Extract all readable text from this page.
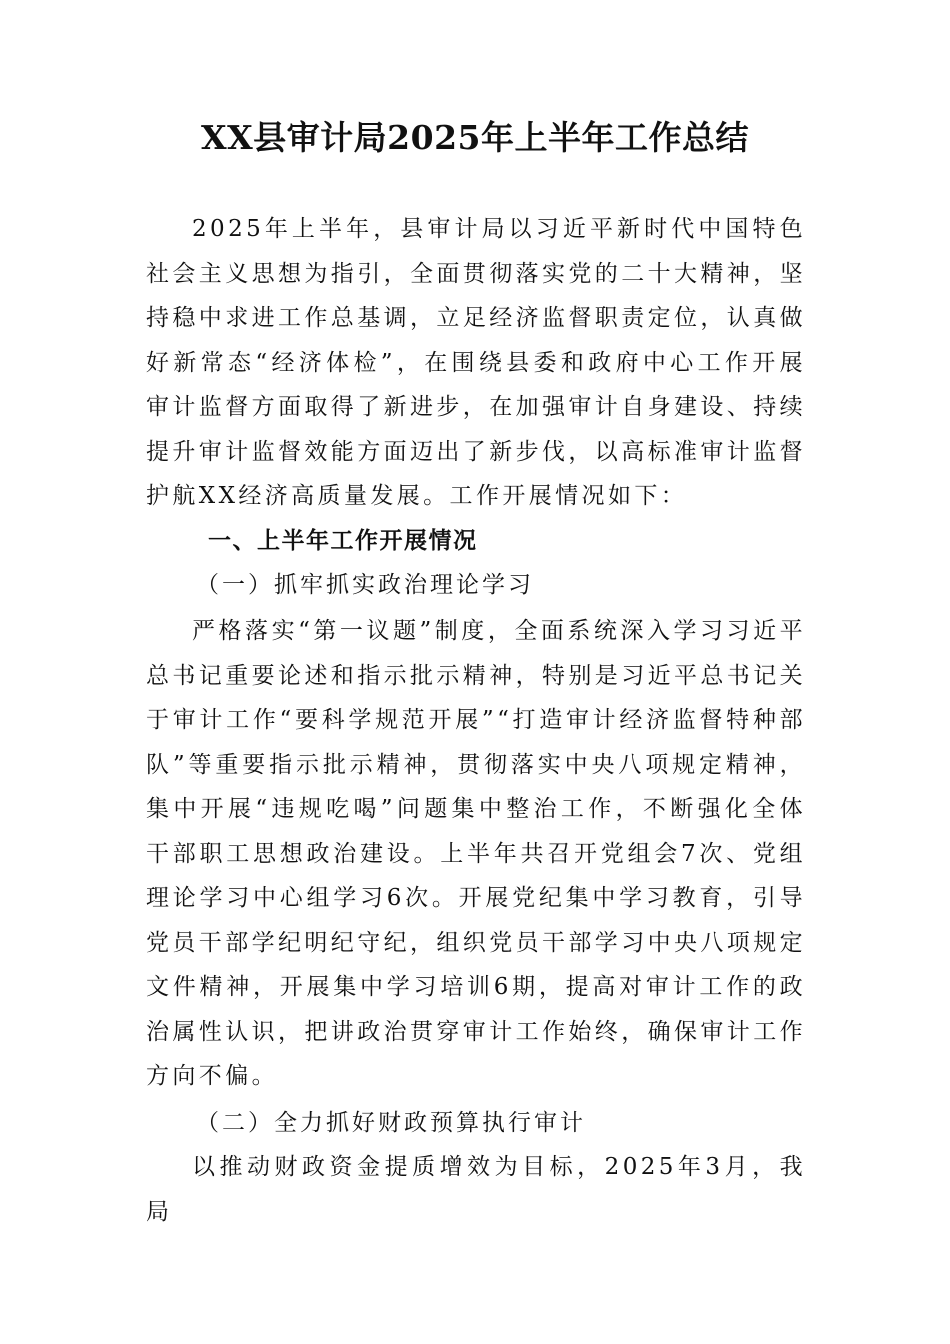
XX县审计局2025年上半年工作总结

2025年上半年，县审计局以习近平新时代中国特色社会主义思想为指引，全面贯彻落实党的二十大精神，坚持稳中求进工作总基调，立足经济监督职责定位，认真做好新常态“经济体检”，在围绕县委和政府中心工作开展审计监督方面取得了新进步，在加强审计自身建设、持续提升审计监督效能方面迈出了新步伐，以高标准审计监督护航XX经济高质量发展。工作开展情况如下：

一、上半年工作开展情况
（一）抓牢抓实政治理论学习

严格落实“第一议题”制度，全面系统深入学习习近平总书记重要论述和指示批示精神，特别是习近平总书记关于审计工作“要科学规范开展”“打造审计经济监督特种部队”等重要指示批示精神，贯彻落实中央八项规定精神，集中开展“违规吃喝”问题集中整治工作，不断强化全体干部职工思想政治建设。上半年共召开党组会7次、党组理论学习中心组学习6次。开展党纪集中学习教育，引导党员干部学纪明纪守纪，组织党员干部学习中央八项规定文件精神，开展集中学习培训6期，提高对审计工作的政治属性认识，把讲政治贯穿审计工作始终，确保审计工作方向不偏。

（二）全力抓好财政预算执行审计

以推动财政资金提质增效为目标，2025年3月，我局
